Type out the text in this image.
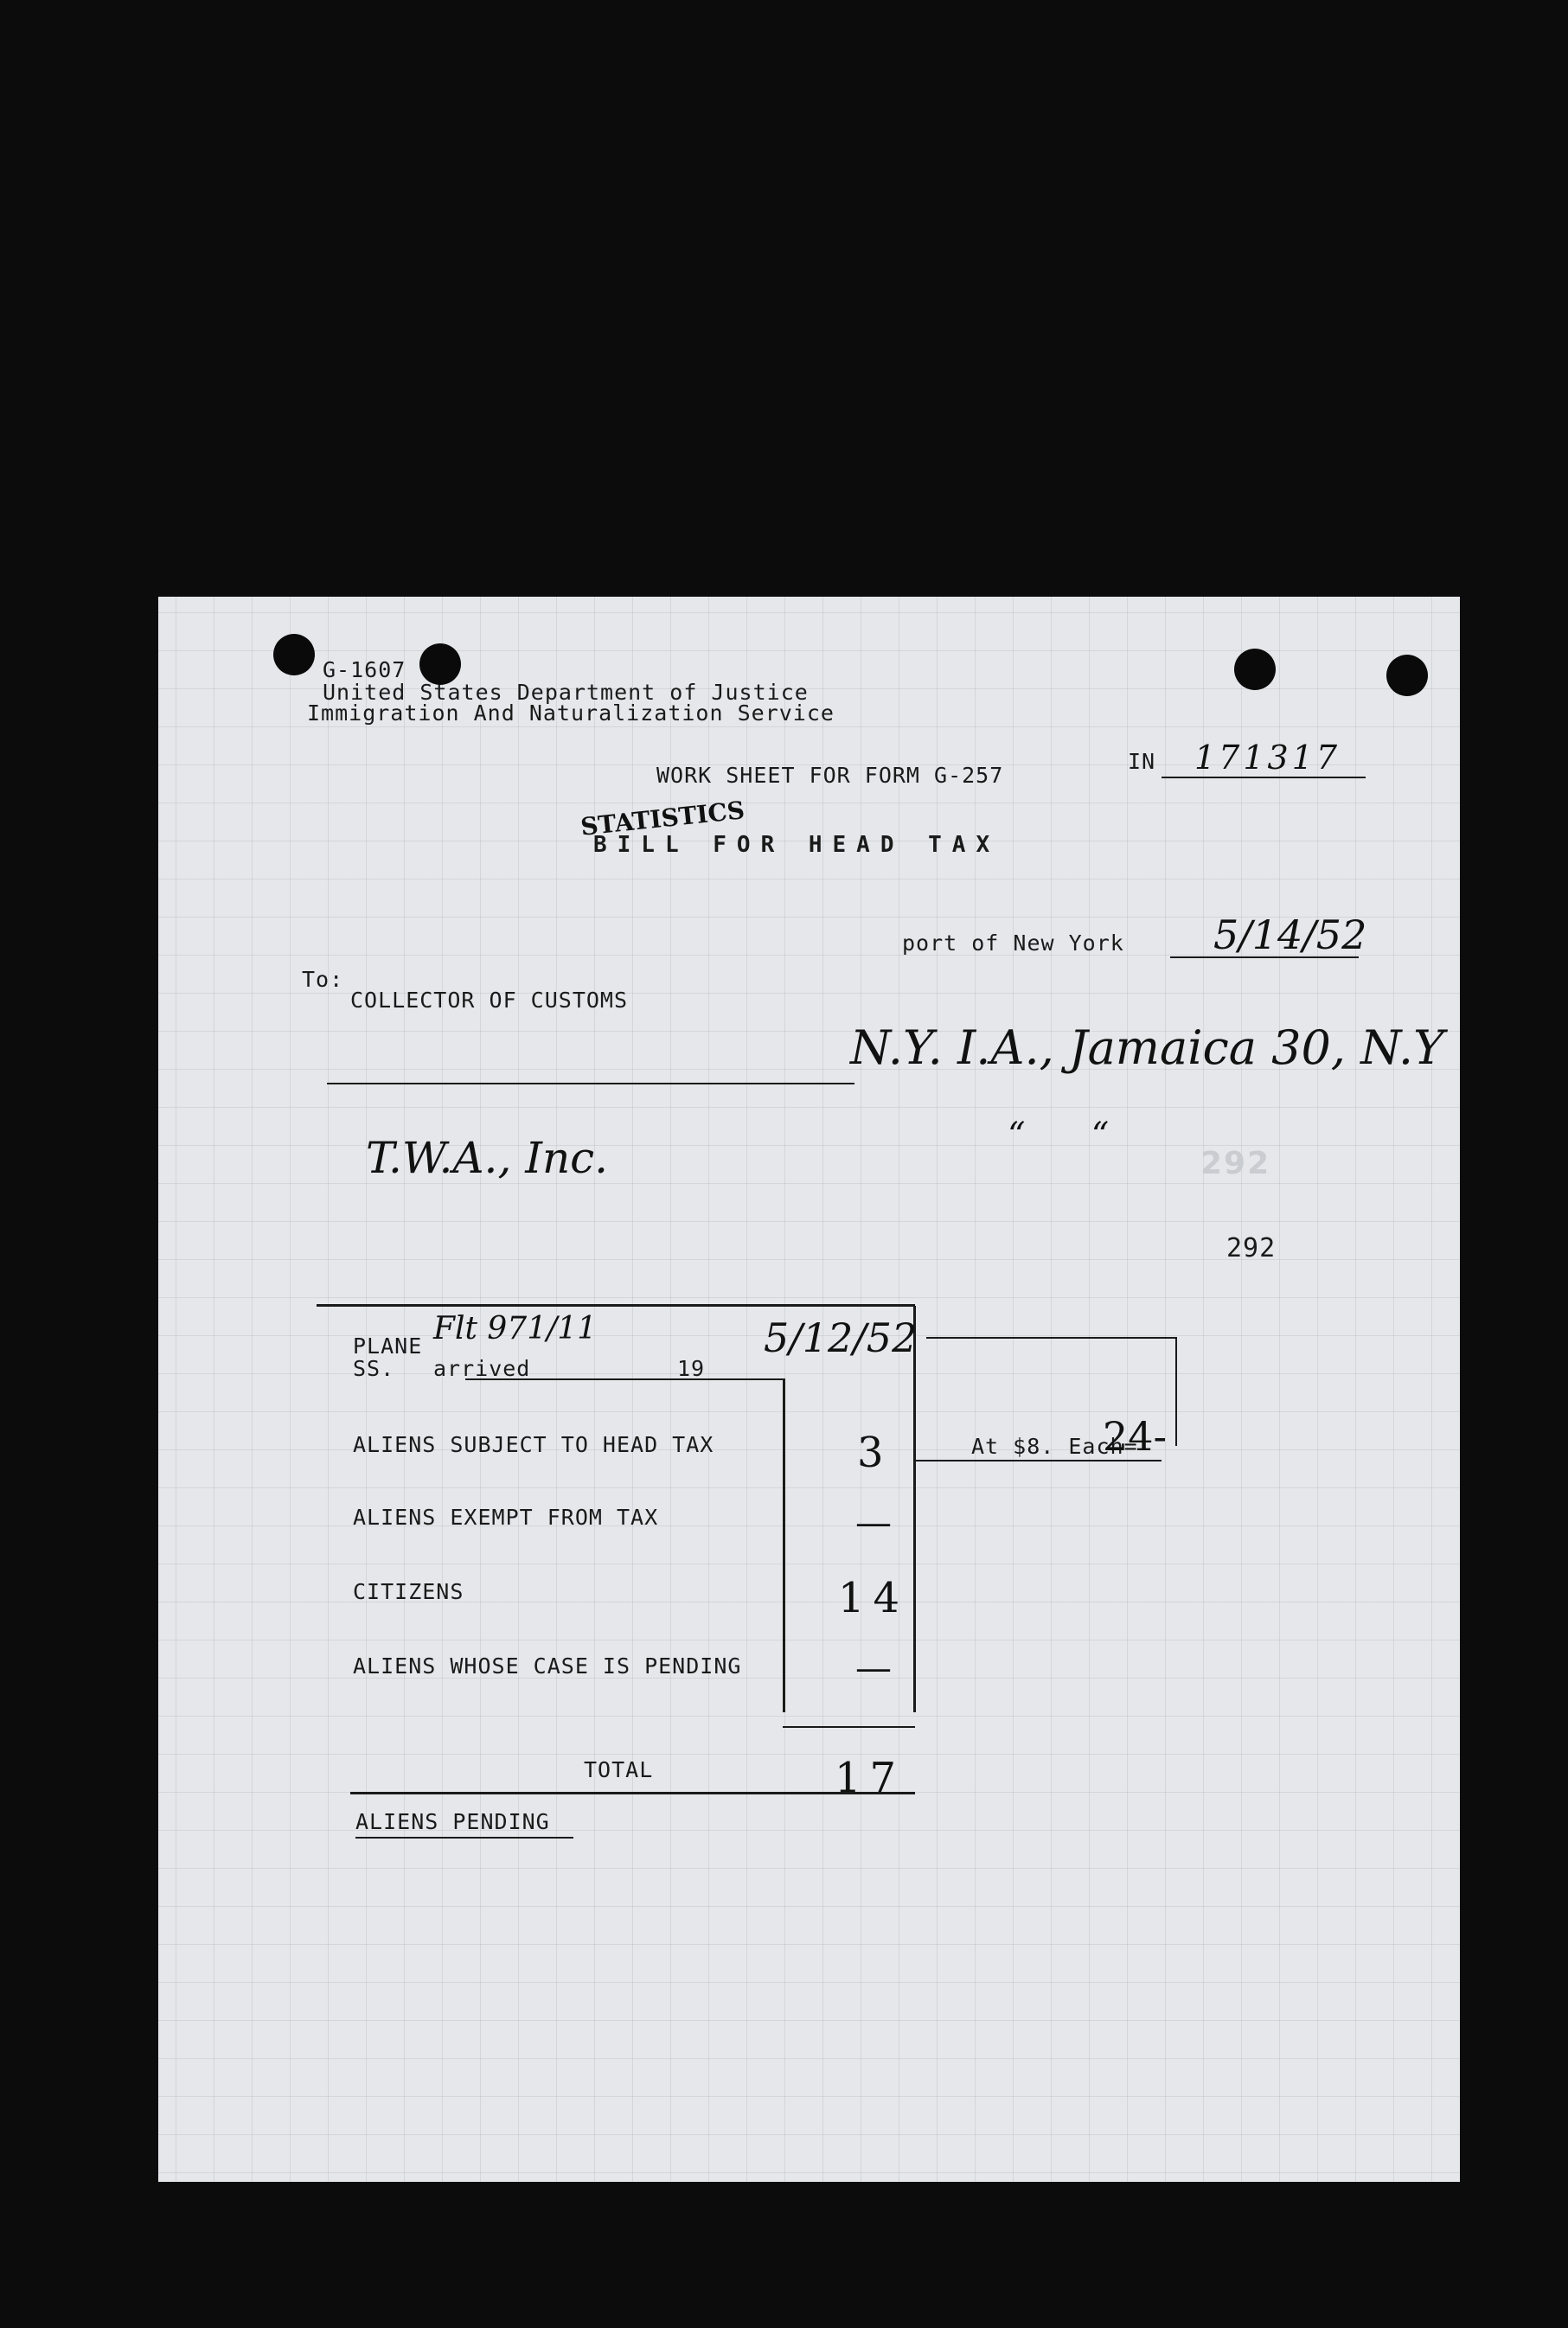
G-1607
United States Department of Justice
Immigration And Naturalization Service
WORK SHEET FOR FORM G-257
IN 171317
STATISTICS
BILL FOR HEAD TAX
port of New York 5/14/52
To:
COLLECTOR OF CUSTOMS
N.Y. I.A., Jamaica 30, N.Y
T.W.A., Inc.	“      “
292
292
PLANE Flt 971/11	5/12/52
SS. arrived	19
ALIENS SUBJECT TO HEAD TAX	3
ALIENS EXEMPT FROM TAX	—
CITIZENS	14
ALIENS WHOSE CASE IS PENDING	—
TOTAL	17
At $8. Each=
24-
ALIENS PENDING
